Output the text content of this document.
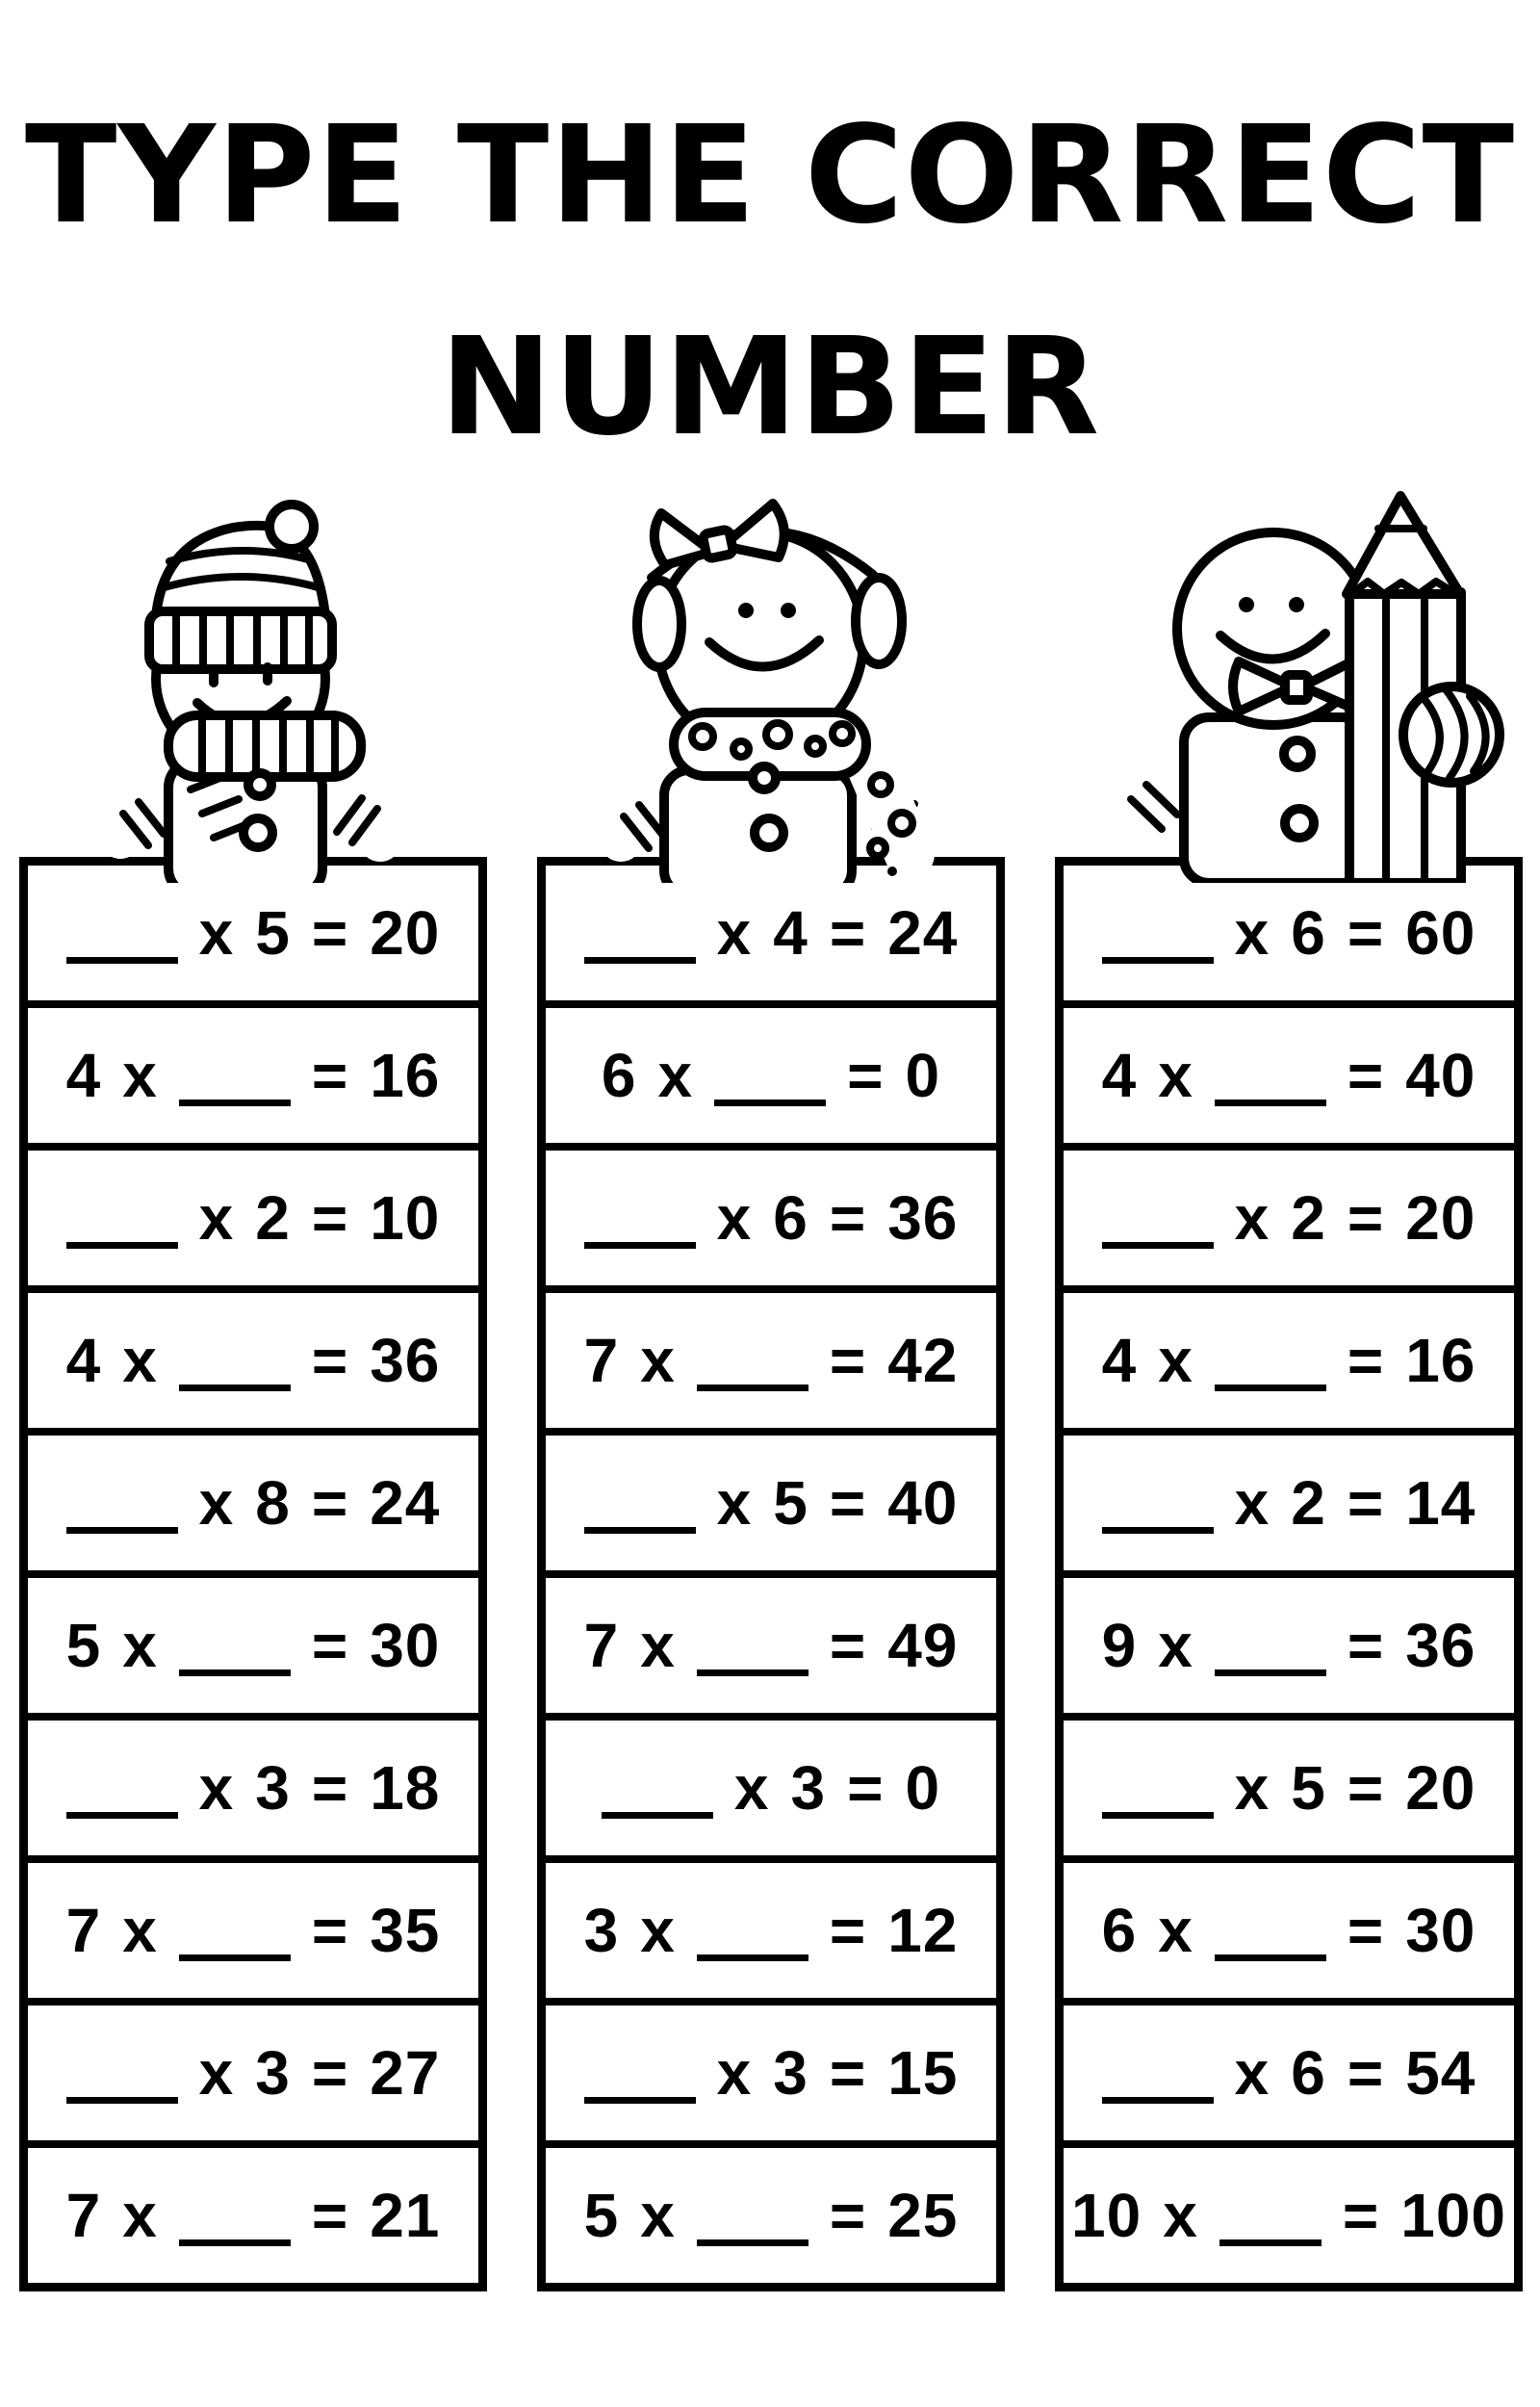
TYPE THE CORRECT
NUMBER
x 5 = 20
4 x	= 16
x 2 = 10
4 x	= 36
x 8 = 24
5 x	= 30
x 3 = 18
7 x	= 35
x 3 = 27
7 x	= 21
x 4 = 24
6 x	= 0
x 6 = 36
7 x	= 42
x 5 = 40
7 x	= 49
x 3 = 0
3 x	= 12
x 3 = 15
5 x	= 25
x 6 = 60
4 x	= 40
x 2 = 20
4 x	= 16
x 2 = 14
9 x	= 36
x 5 = 20
6 x	= 30
x 6 = 54
10 x = 100
